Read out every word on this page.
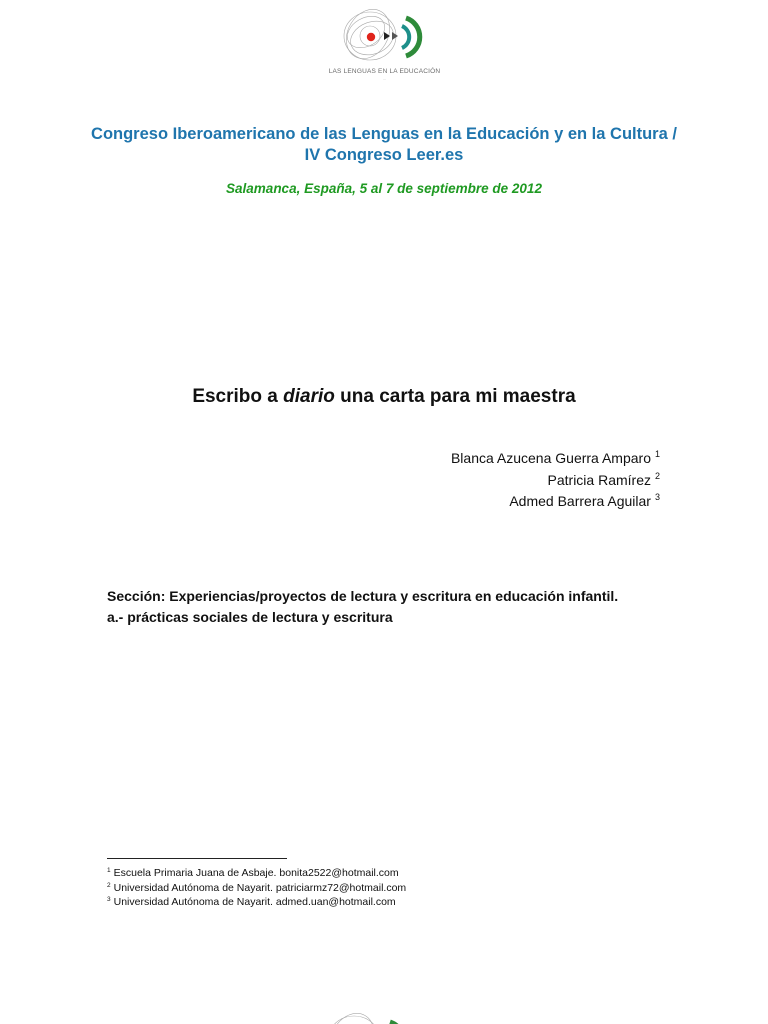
LAS LENGUAS EN LA EDUCACIÓN
...
Congreso Iberoamericano de las Lenguas en la Educación y en la Cultura / IV Congreso Leer.es
Salamanca, España, 5 al 7 de septiembre de 2012
Escribo a diario una carta para mi maestra
Blanca Azucena Guerra Amparo $^1$
Patricia Ramírez $^2$
Admed Barrera Aguilar $^3$
Sección: Experiencias/proyectos de lectura y escritura en educación infantil.
a.- prácticas sociales de lectura y escritura
$^1$ Escuela Primaria Juana de Asbaje. bonita2522@hotmail.com
$^2$ Universidad Autónoma de Nayarit. patriciarmz72@hotmail.com
$^3$ Universidad Autónoma de Nayarit. admed.uan@hotmail.com
